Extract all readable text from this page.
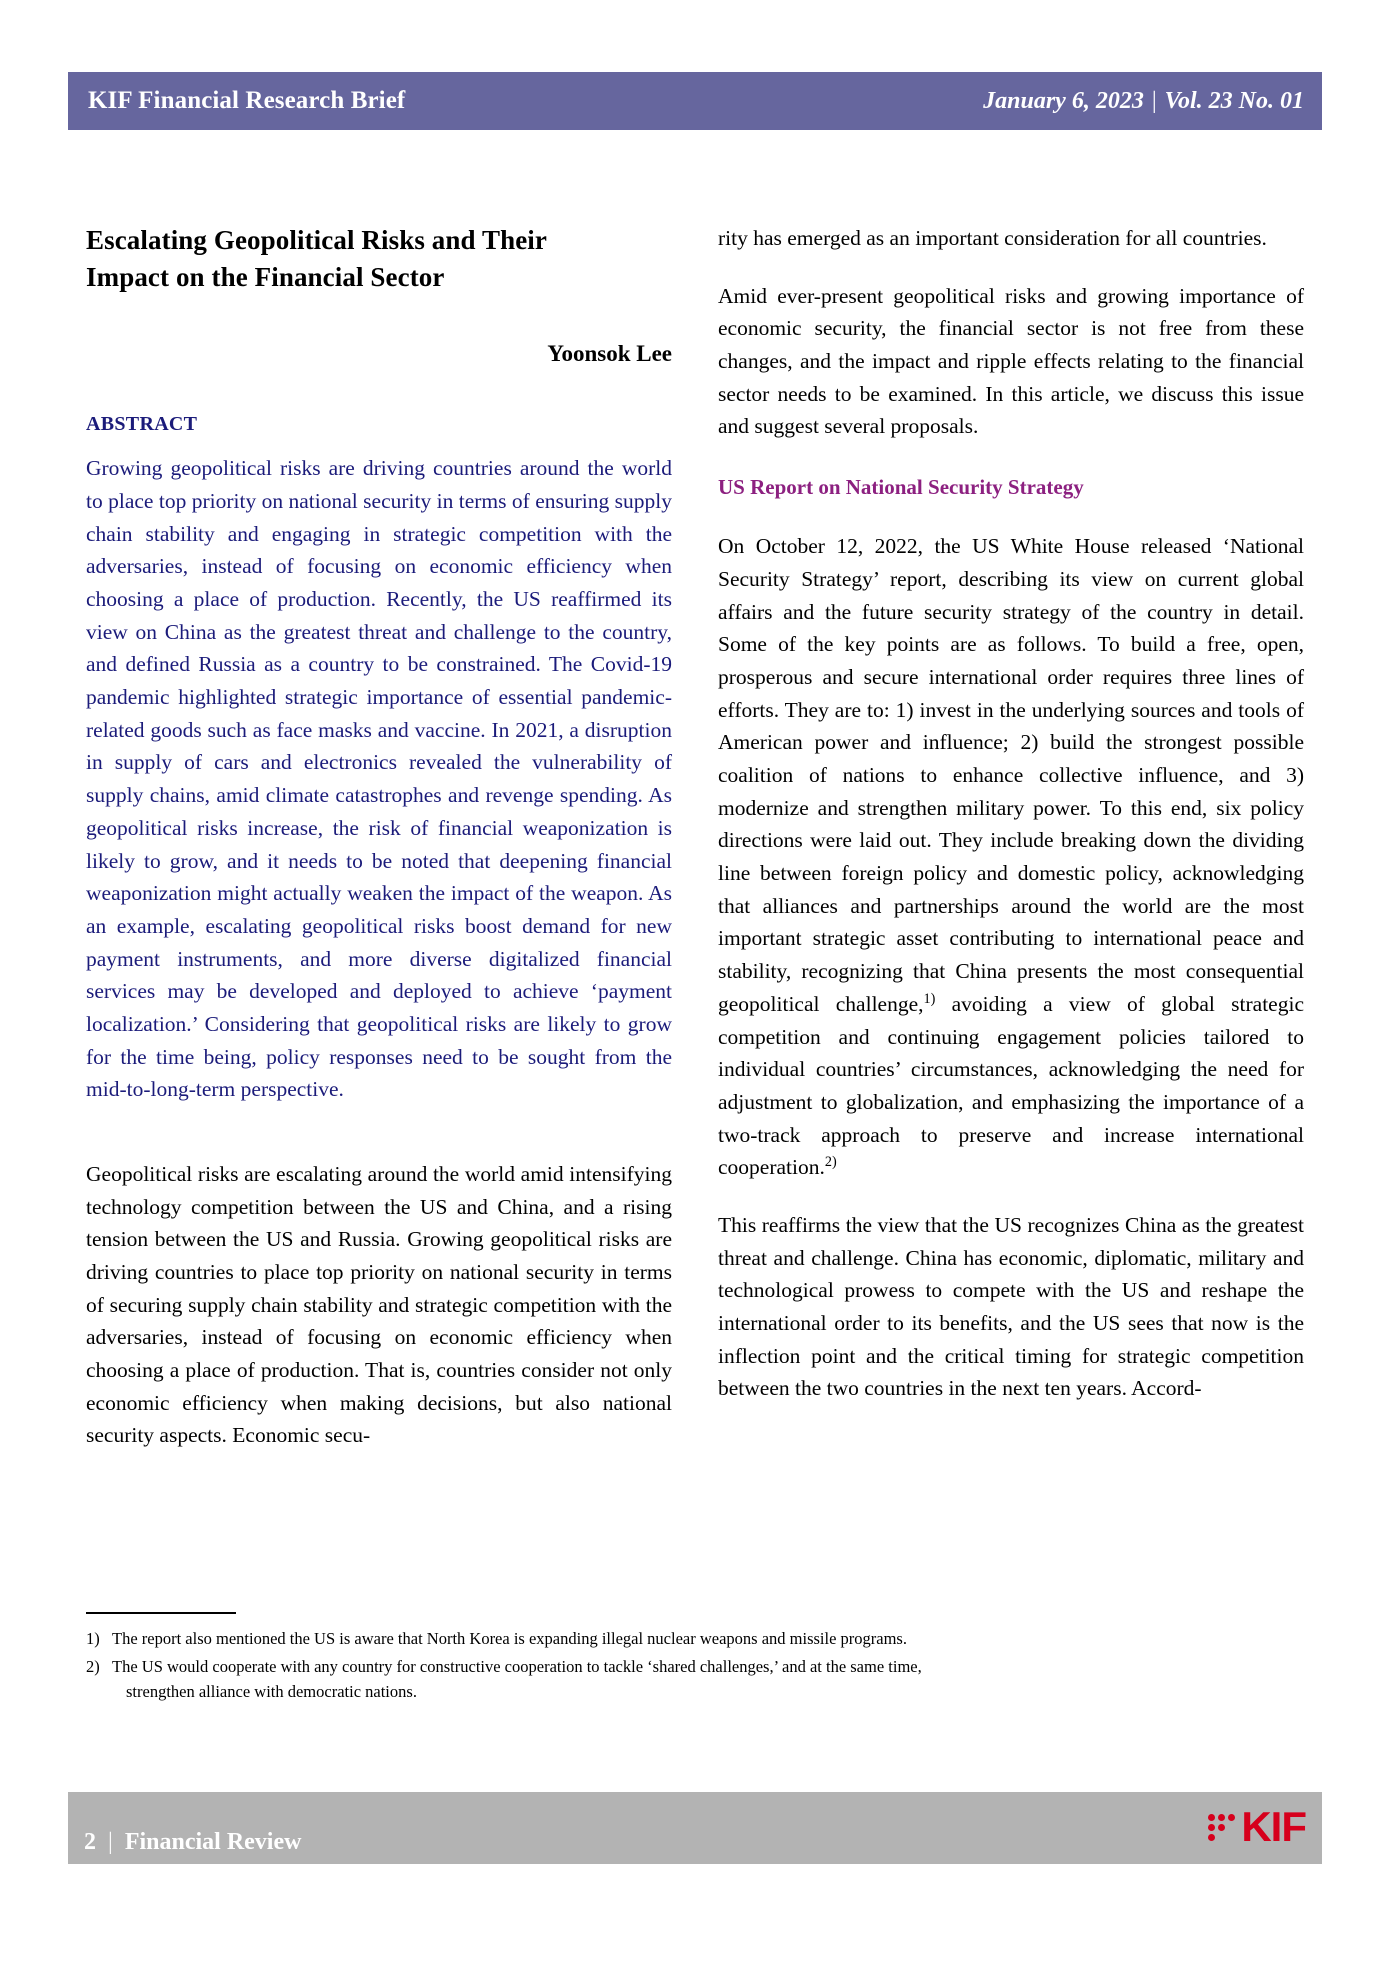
KIF Financial Research Brief	January 6, 2023 | Vol. 23 No. 01
Escalating Geopolitical Risks and Their
Impact on the Financial Sector
Yoonsok Lee
ABSTRACT

Growing geopolitical risks are driving countries around the world to place top priority on national security in terms of ensuring supply chain stability and engaging in strategic competition with the adversaries, instead of focusing on economic efficiency when choosing a place of production. Recently, the US reaffirmed its view on China as the greatest threat and challenge to the country, and defined Russia as a country to be constrained. The Covid-19 pandemic highlighted strategic importance of essential pandemic-related goods such as face masks and vaccine. In 2021, a disruption in supply of cars and electronics revealed the vulnerability of supply chains, amid climate catastrophes and revenge spending. As geopolitical risks increase, the risk of financial weaponization is likely to grow, and it needs to be noted that deepening financial weaponization might actually weaken the impact of the weapon. As an example, escalating geopolitical risks boost demand for new payment instruments, and more diverse digitalized financial services may be developed and deployed to achieve ‘payment localization.’ Considering that geopolitical risks are likely to grow for the time being, policy responses need to be sought from the mid-to-long-term perspective.

Geopolitical risks are escalating around the world amid intensifying technology competition between the US and China, and a rising tension between the US and Russia. Growing geopolitical risks are driving countries to place top priority on national security in terms of securing supply chain stability and strategic competition with the adversaries, instead of focusing on economic efficiency when choosing a place of production. That is, countries consider not only economic efficiency when making decisions, but also national security aspects. Economic secu-

rity has emerged as an important consideration for all countries.

Amid ever-present geopolitical risks and growing importance of economic security, the financial sector is not free from these changes, and the impact and ripple effects relating to the financial sector needs to be examined. In this article, we discuss this issue and suggest several proposals.

US Report on National Security Strategy

On October 12, 2022, the US White House released ‘National Security Strategy’ report, describing its view on current global affairs and the future security strategy of the country in detail. Some of the key points are as follows. To build a free, open, prosperous and secure international order requires three lines of efforts. They are to: 1) invest in the underlying sources and tools of American power and influence; 2) build the strongest possible coalition of nations to enhance collective influence, and 3) modernize and strengthen military power. To this end, six policy directions were laid out. They include breaking down the dividing line between foreign policy and domestic policy, acknowledging that alliances and partnerships around the world are the most important strategic asset contributing to international peace and stability, recognizing that China presents the most consequential geopolitical challenge,$^{1)}$ avoiding a view of global strategic competition and continuing engagement policies tailored to individual countries’ circumstances, acknowledging the need for adjustment to globalization, and emphasizing the importance of a two-track approach to preserve and increase international cooperation.$^{2)}$

This reaffirms the view that the US recognizes China as the greatest threat and challenge. China has economic, diplomatic, military and technological prowess to compete with the US and reshape the international order to its benefits, and the US sees that now is the inflection point and the critical timing for strategic competition between the two countries in the next ten years. Accord-

1) The report also mentioned the US is aware that North Korea is expanding illegal nuclear weapons and missile programs.
2) The US would cooperate with any country for constructive cooperation to tackle ‘shared challenges,’ and at the same time,
strengthen alliance with democratic nations.
2 | Financial Review	KIF
